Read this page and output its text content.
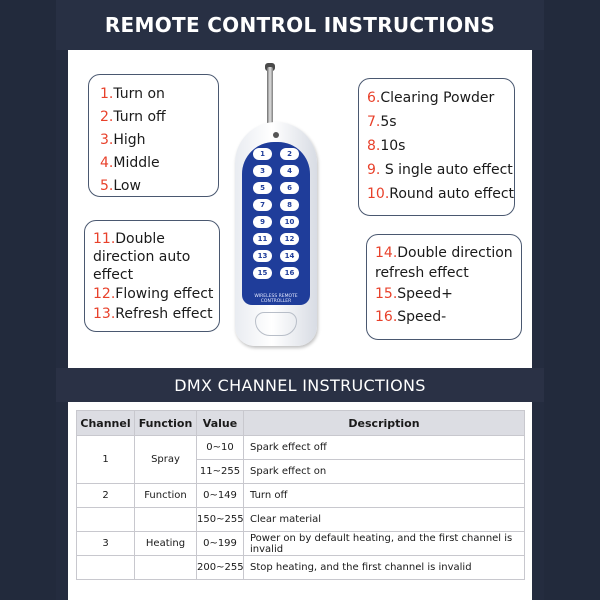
REMOTE CONTROL INSTRUCTIONS
1.Turn on
2.Turn off
3.High
4.Middle
5.Low
6.Clearing Powder
7.5s
8.10s
9. S ingle auto effect
10.Round auto effect
11.Double
direction auto
effect
12.Flowing effect
13.Refresh effect
14.Double direction
refresh effect
15.Speed+
16.Speed-
1	2
3	4
5	6
7	8
9	10
11	12
13	14
15	16
WIRELESS REMOTE
CONTROLLER
DMX CHANNEL INSTRUCTIONS
Channel	Function	Value	Description
1	Spray	0~10	Spark effect off
		11~255	Spark effect on
2	Function	0~149	Turn off
		150~255	Clear material
3	Heating	0~199	Power on by default heating, and the first channel is invalid
		200~255	Stop heating, and the first channel is invalid
